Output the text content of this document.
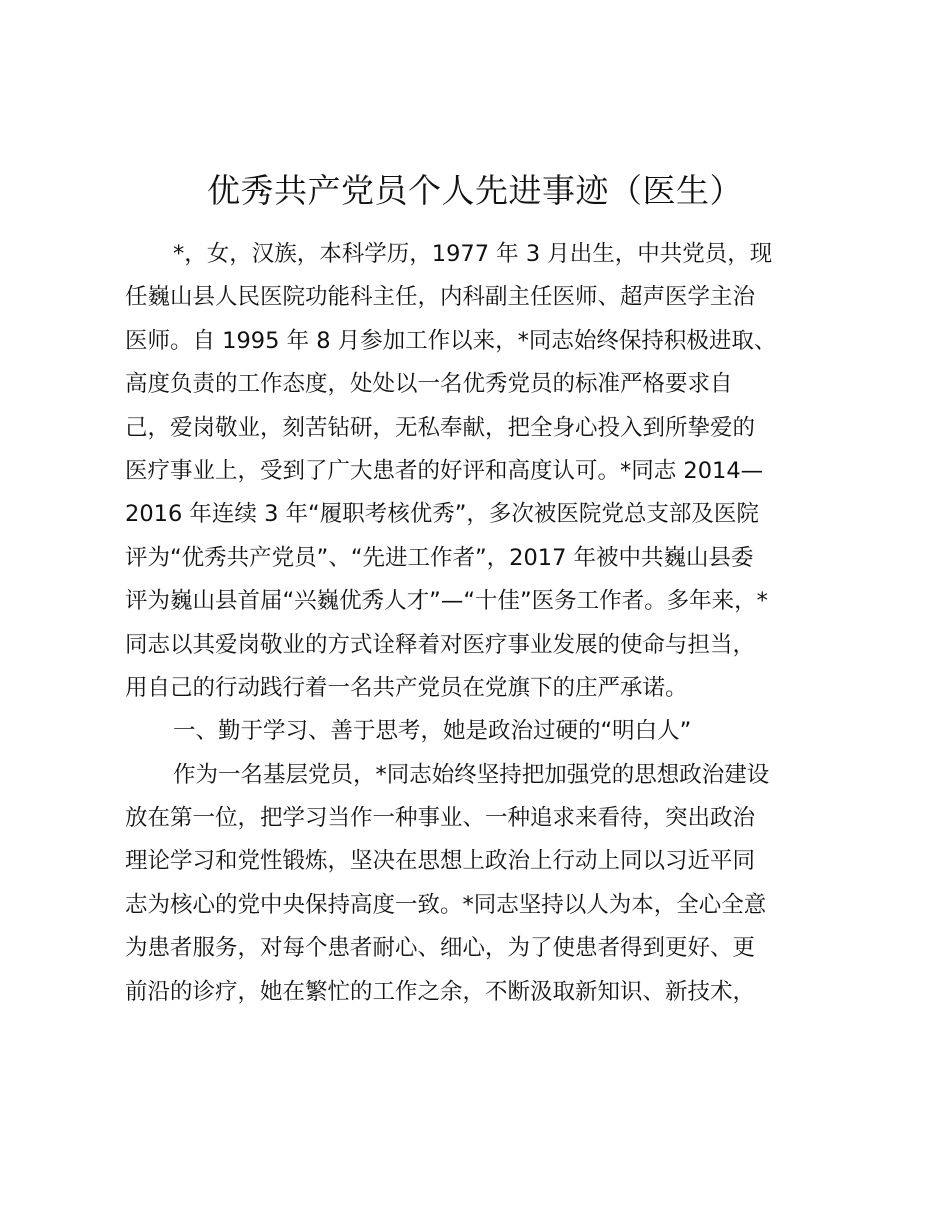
优秀共产党员个人先进事迹（医生）
*，女，汉族，本科学历，1977 年 3 月出生，中共党员，现
任巍山县人民医院功能科主任，内科副主任医师、超声医学主治
医师。自 1995 年 8 月参加工作以来，*同志始终保持积极进取、
高度负责的工作态度，处处以一名优秀党员的标准严格要求自
己，爱岗敬业，刻苦钻研，无私奉献，把全身心投入到所挚爱的
医疗事业上，受到了广大患者的好评和高度认可。*同志 2014—
2016 年连续 3 年“履职考核优秀”，多次被医院党总支部及医院
评为“优秀共产党员”、“先进工作者”，2017 年被中共巍山县委
评为巍山县首届“兴巍优秀人才”—“十佳”医务工作者。多年来，*
同志以其爱岗敬业的方式诠释着对医疗事业发展的使命与担当，
用自己的行动践行着一名共产党员在党旗下的庄严承诺。
一、勤于学习、善于思考，她是政治过硬的“明白人”
作为一名基层党员，*同志始终坚持把加强党的思想政治建设
放在第一位，把学习当作一种事业、一种追求来看待，突出政治
理论学习和党性锻炼，坚决在思想上政治上行动上同以习近平同
志为核心的党中央保持高度一致。*同志坚持以人为本，全心全意
为患者服务，对每个患者耐心、细心，为了使患者得到更好、更
前沿的诊疗，她在繁忙的工作之余，不断汲取新知识、新技术，
